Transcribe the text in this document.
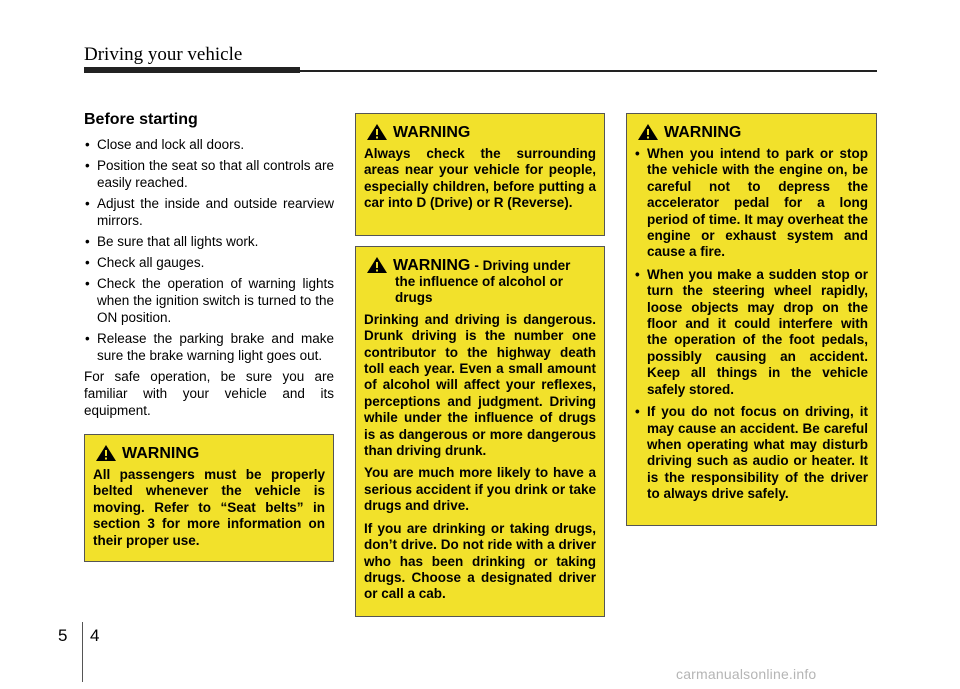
Driving your vehicle
Before starting
• Close and lock all doors.
• Position the seat so that all controls are easily reached.
• Adjust the inside and outside rearview mirrors.
• Be sure that all lights work.
• Check all gauges.
• Check the operation of warning lights when the ignition switch is turned to the ON position.
• Release the parking brake and make sure the brake warning light goes out.

For safe operation, be sure you are familiar with your vehicle and its equipment.

WARNING

All passengers must be properly belted whenever the vehicle is moving. Refer to “Seat belts” in section 3 for more information on their proper use.

WARNING

Always check the surrounding areas near your vehicle for people, especially children, before putting a car into D (Drive) or R (Reverse).

WARNING - Driving under
the influence of alcohol or drugs

Drinking and driving is dangerous. Drunk driving is the number one contributor to the highway death toll each year. Even a small amount of alcohol will affect your reflexes, perceptions and judgment. Driving while under the influence of drugs is as dangerous or more dangerous than driving drunk.

You are much more likely to have a serious accident if you drink or take drugs and drive.

If you are drinking or taking drugs, don’t drive. Do not ride with a driver who has been drinking or taking drugs. Choose a designated driver or call a cab.

WARNING
• When you intend to park or stop the vehicle with the engine on, be careful not to depress the accelerator pedal for a long period of time. It may overheat the engine or exhaust system and cause a fire.
• When you make a sudden stop or turn the steering wheel rapidly, loose objects may drop on the floor and it could interfere with the operation of the foot pedals, possibly causing an accident. Keep all things in the vehicle safely stored.
• If you do not focus on driving, it may cause an accident. Be careful when operating what may disturb driving such as audio or heater. It is the responsibility of the driver to always drive safely.
5 4
carmanualsonline.info
